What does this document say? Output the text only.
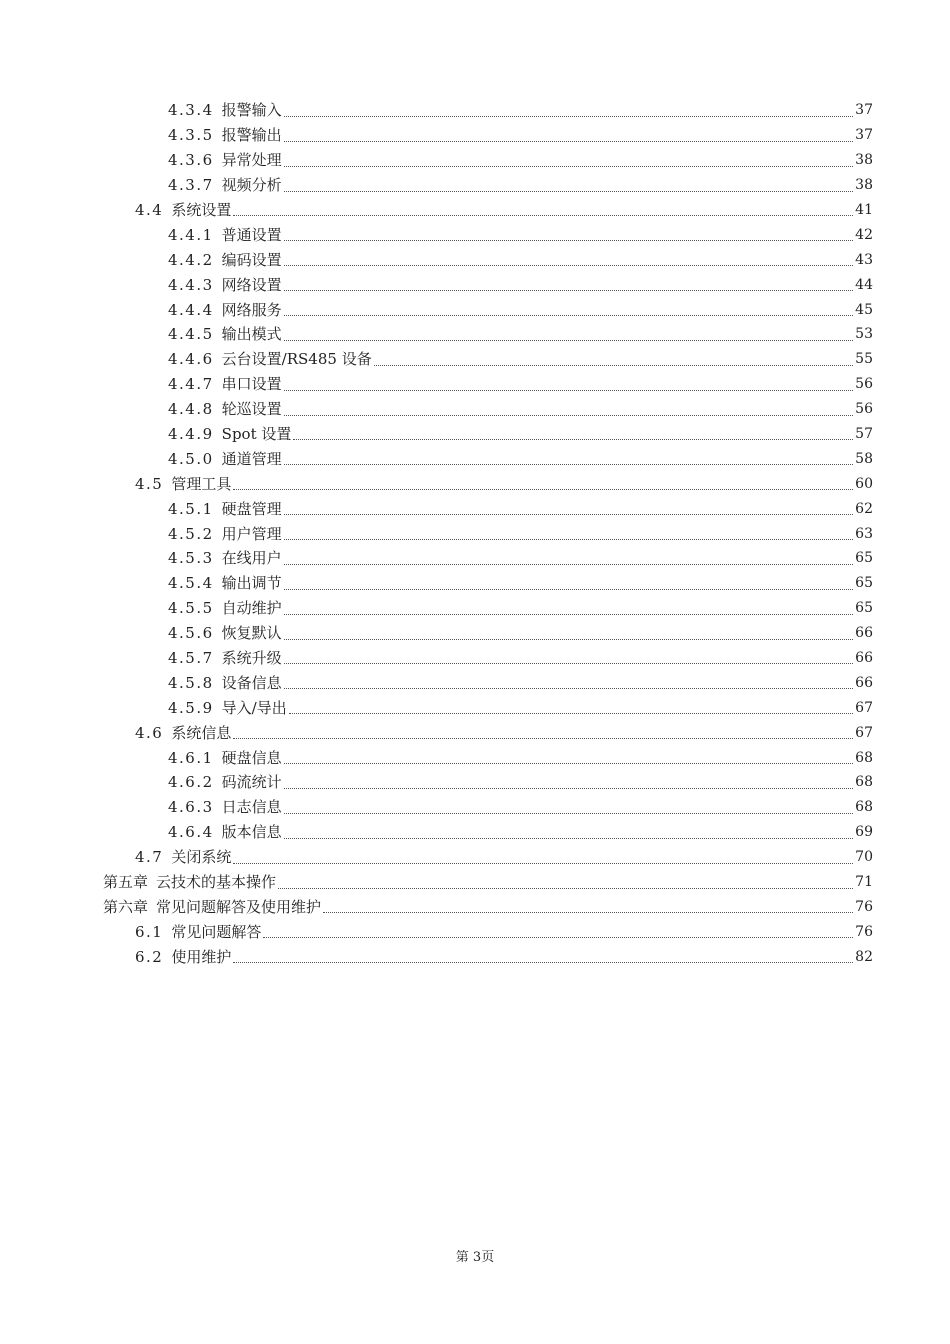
4.3.4 报警输入	37
4.3.5 报警输出	37
4.3.6 异常处理	38
4.3.7 视频分析	38
4.4 系统设置	41
4.4.1 普通设置	42
4.4.2 编码设置	43
4.4.3 网络设置	44
4.4.4 网络服务	45
4.4.5 输出模式	53
4.4.6 云台设置/RS485 设备	55
4.4.7 串口设置	56
4.4.8 轮巡设置	56
4.4.9 Spot 设置	57
4.5.0 通道管理	58
4.5 管理工具	60
4.5.1 硬盘管理	62
4.5.2 用户管理	63
4.5.3 在线用户	65
4.5.4 输出调节	65
4.5.5 自动维护	65
4.5.6 恢复默认	66
4.5.7 系统升级	66
4.5.8 设备信息	66
4.5.9 导入/导出	67
4.6 系统信息	67
4.6.1 硬盘信息	68
4.6.2 码流统计	68
4.6.3 日志信息	68
4.6.4 版本信息	69
4.7 关闭系统	70
第五章 云技术的基本操作	71
第六章 常见问题解答及使用维护	76
6.1 常见问题解答	76
6.2 使用维护	82
第 3页
